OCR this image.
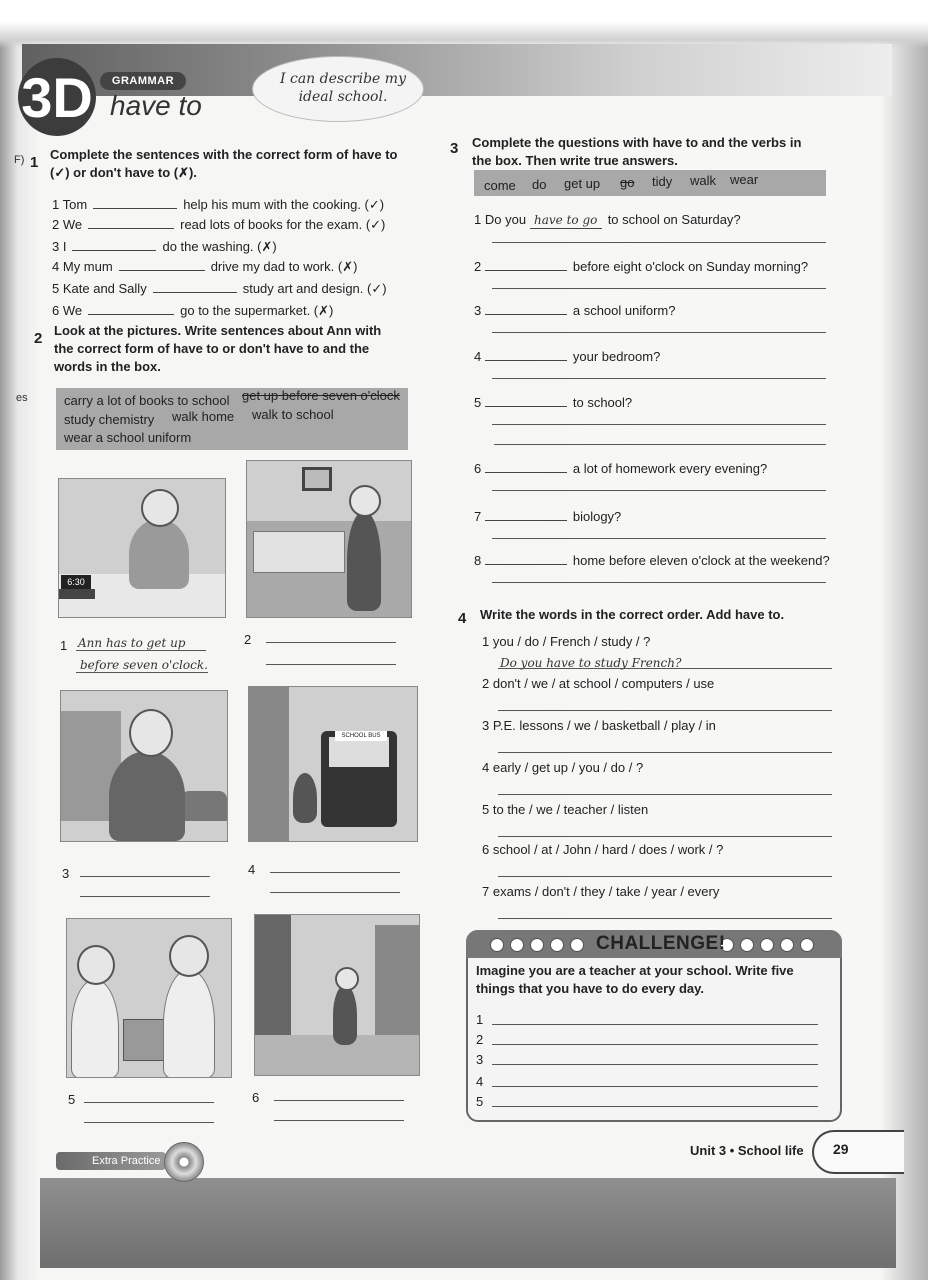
3D	GRAMMAR
have to
I can describe my ideal school.
F)
es
1 Complete the sentences with the correct form of have to (✓) or don't have to (✗).
1 Tom	help his mum with the cooking. (✓)
2 We	read lots of books for the exam. (✓)
3 I	do the washing. (✗)
4 My mum	drive my dad to work. (✗)
5 Kate and Sally	study art and design. (✓)
6 We	go to the supermarket. (✗)
2 Look at the pictures. Write sentences about Ann with the correct form of have to or don't have to and the words in the box.
carry a lot of books to school get up before seven o'clock
study chemistry walk home walk to school
wear a school uniform
6:30
1 Ann has to get up
before seven o'clock.
2
SCHOOL BUS
3	4
5	6
3 Complete the questions with have to and the verbs in the box. Then write true answers.
come do get up go tidy walk wear
1 Do you have to go to school on Saturday?
2	before eight o'clock on Sunday morning?
3	a school uniform?
4	your bedroom?
5	to school?
6	a lot of homework every evening?
7	biology?
8	home before eleven o'clock at the weekend?
4 Write the words in the correct order. Add have to.
1 you / do / French / study / ?
Do you have to study French?
2 don't / we / at school / computers / use
3 P.E. lessons / we / basketball / play / in
4 early / get up / you / do / ?
5 to the / we / teacher / listen
6 school / at / John / hard / does / work / ?
7 exams / don't / they / take / year / every
CHALLENGE!
Imagine you are a teacher at your school. Write five things that you have to do every day.
1
2
3
4
5
Extra Practice
Unit 3 • School life 29
